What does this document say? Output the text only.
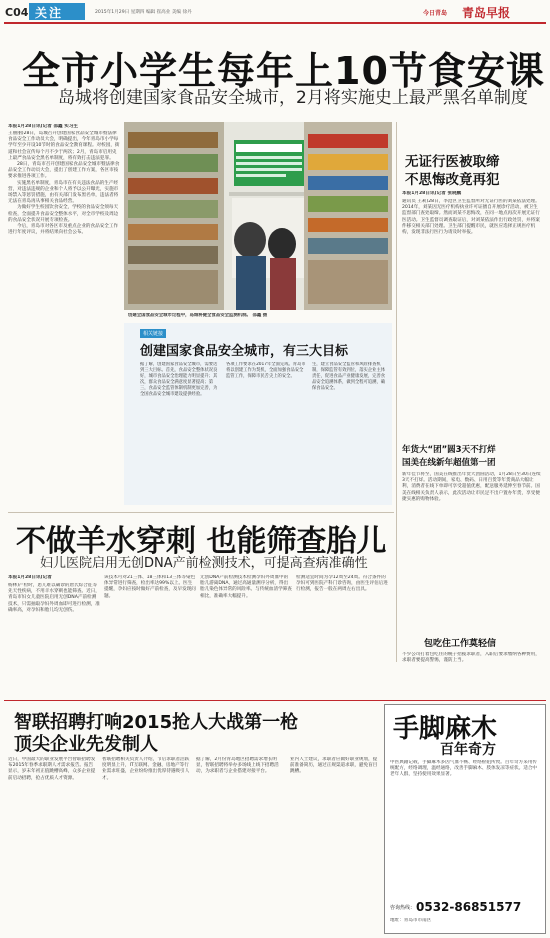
C04 关注	2015年1月29日 星期四 编辑 崔高业 美编 徐丹	今日青岛 青岛早报
全市小学生每年上10节食安课
岛城将创建国家食品安全城市，2月将实施史上最严黑名单制度
本报1月28日讯(记者 邵鑫 实习生

王丽丽)28日，岛城召开创建国家食品安全城市暨法律食品安全工作动员大会，明确提出，今年青岛市小学每学年至少开设10节时的食品安全教育课程。对校园，街道和社会宣传每个月不少于两次；2月，青岛市启用史上最严食品安全黑名单制度，将有效打击违法犯罪。

28日，青岛市召开创建国家食品安全城市暨法律食品安全工作动员大会，提出了创建工作方案，各区市按要求推进各项工作。

实施黑名单制度，青岛市在有关违法食品的生产经营，对违法违规的企业和个人将予以公开曝光，实施市场禁入等惩罚措施，由有关部门发布黑名单，违法者将无法在青岛再从事相关食品经营。

为做好学生校园饮食安全，学校的食品安全须每天检查，全面提升食品安全整体水平，对全市学校及周边的食品安全状况开展专项检查。

今后，青岛市对各区市及重点企业的食品安全工作进行年度评议，并将结果向社会公布。

创建全国食品安全城市过程中，岛城将健全食品安全监测机制。 邵鑫 摄
相关链接
创建国家食品安全城市，有三大目标
据了解，创建国家食品安全城市，需要达到三大目标。首先，食品安全整体状况良好，城市食品安全治理能力明显提升；其次，群众食品安全满意度显著提高；第三，食品安全监管体制机制更加完善，为全国食品安全城市建设提供经验。
各项工作要求在2017年全面完成。青岛市将以创建工作为契机，全面加强食品安全监管工作，保障市民舌尖上的安全。
生，建立食品安全监管和风险排查机制，保障监管有效到位，落实企业主体责任，促进食品产业健康发展，完善食品安全追溯体系，做到全程可追溯，确保食品安全。
无证行医被取缔
不思悔改竟再犯
本报1月28日讯(记者 张晓鹏
通讯员 王莉)28日，李沧区卫生监督所对无证行医的刘某依法处理。2014年，刘某因无医疗机构执业许可证擅自开展诊疗活动，被卫生监督部门查处取缔。然而刘某不思悔改，在同一地点再次开展无证行医活动。卫生监督员调查取证后，对刘某依法作出行政处罚，并将案件移交相关部门处理。卫生部门提醒市民，就医应选择正规医疗机构，发现非法行医行为请及时举报。
年货大“团”圆3天不打烊
国美在线新年超值第一团
新年佳节将至，国美在线推出年货大团圆活动，1月28日至30日连续3天不打烊。活动期间，家电、数码、日用百货等年货商品大幅让利，消费者在线下单即可享受超值优惠，配送服务延伸至春节前。国美在线相关负责人表示，此次活动让市民足不出户置办年货，享受便捷实惠的购物体验。
包吃住工作莫轻信
不少公司打着包吃住的幌子招揽求职者，入职后要求缴纳各种费用，求职者要提高警惕，谨防上当。
不做羊水穿刺 也能筛查胎儿
妇儿医院启用无创DNA产前检测技术，可提高查病准确性
本报1月28日讯(记者
杨林)产检时，患儿难以确诊的唐氏综合征等先天性疾病，不用羊水穿刺也能筛查。近日，青岛市妇女儿童医院启用无创DNA产前检测技术，只需抽取孕妇外周血即可进行检测，准确率高，对孕妇和胎儿均无创伤。
该技术可对21三体、18三体和13三体等染色体异常进行筛查，检出率达99%以上。医生提醒，孕妇应按时做好产前检查，及早发现问题。
无创DNA产前检测技术检测孕妇外周血中的胎儿游离DNA，通过高通量测序分析，得出胎儿染色体异常的风险率。与传统血清学筛查相比，准确率大幅提升。
检测适宜时间为孕12周至24周。符合条件的孕妇可到医院产科门诊咨询，由医生评估后进行检测，报告一般在两周左右出具。
智联招聘打响2015抢人大战第一枪
顶尖企业先发制人
近日，中国最大的职业发展平台智联招聘发布2015年春季求职期人才需求报告。报告显示，岁末年初正值跳槽高峰，众多企业提前启动招聘，抢占优质人才资源。
智联招聘相关负责人介绍，节后求职者活跃度明显上升，IT互联网、金融、房地产等行业需求旺盛，企业纷纷推出优厚待遇吸引人才。
据了解，2月份青岛地区招聘需求增长明显，智联招聘将举办多场线上线下招聘活动，为求职者与企业搭建对接平台。
业内人士建议，求职者应做好职业规划，提前准备简历，通过正规渠道求职，避免盲目跳槽。
手脚麻木
百年奇方
中医典籍记载，手脚麻木多因气血不畅、经络瘀阻所致。百年奇方采用传统配方，经络调理，温经通络，改善手脚麻木、肢体发凉等症状。适合中老年人群，坚持使用效果显著。
咨询热线： 0532-86851577
地址：青岛市市南区
